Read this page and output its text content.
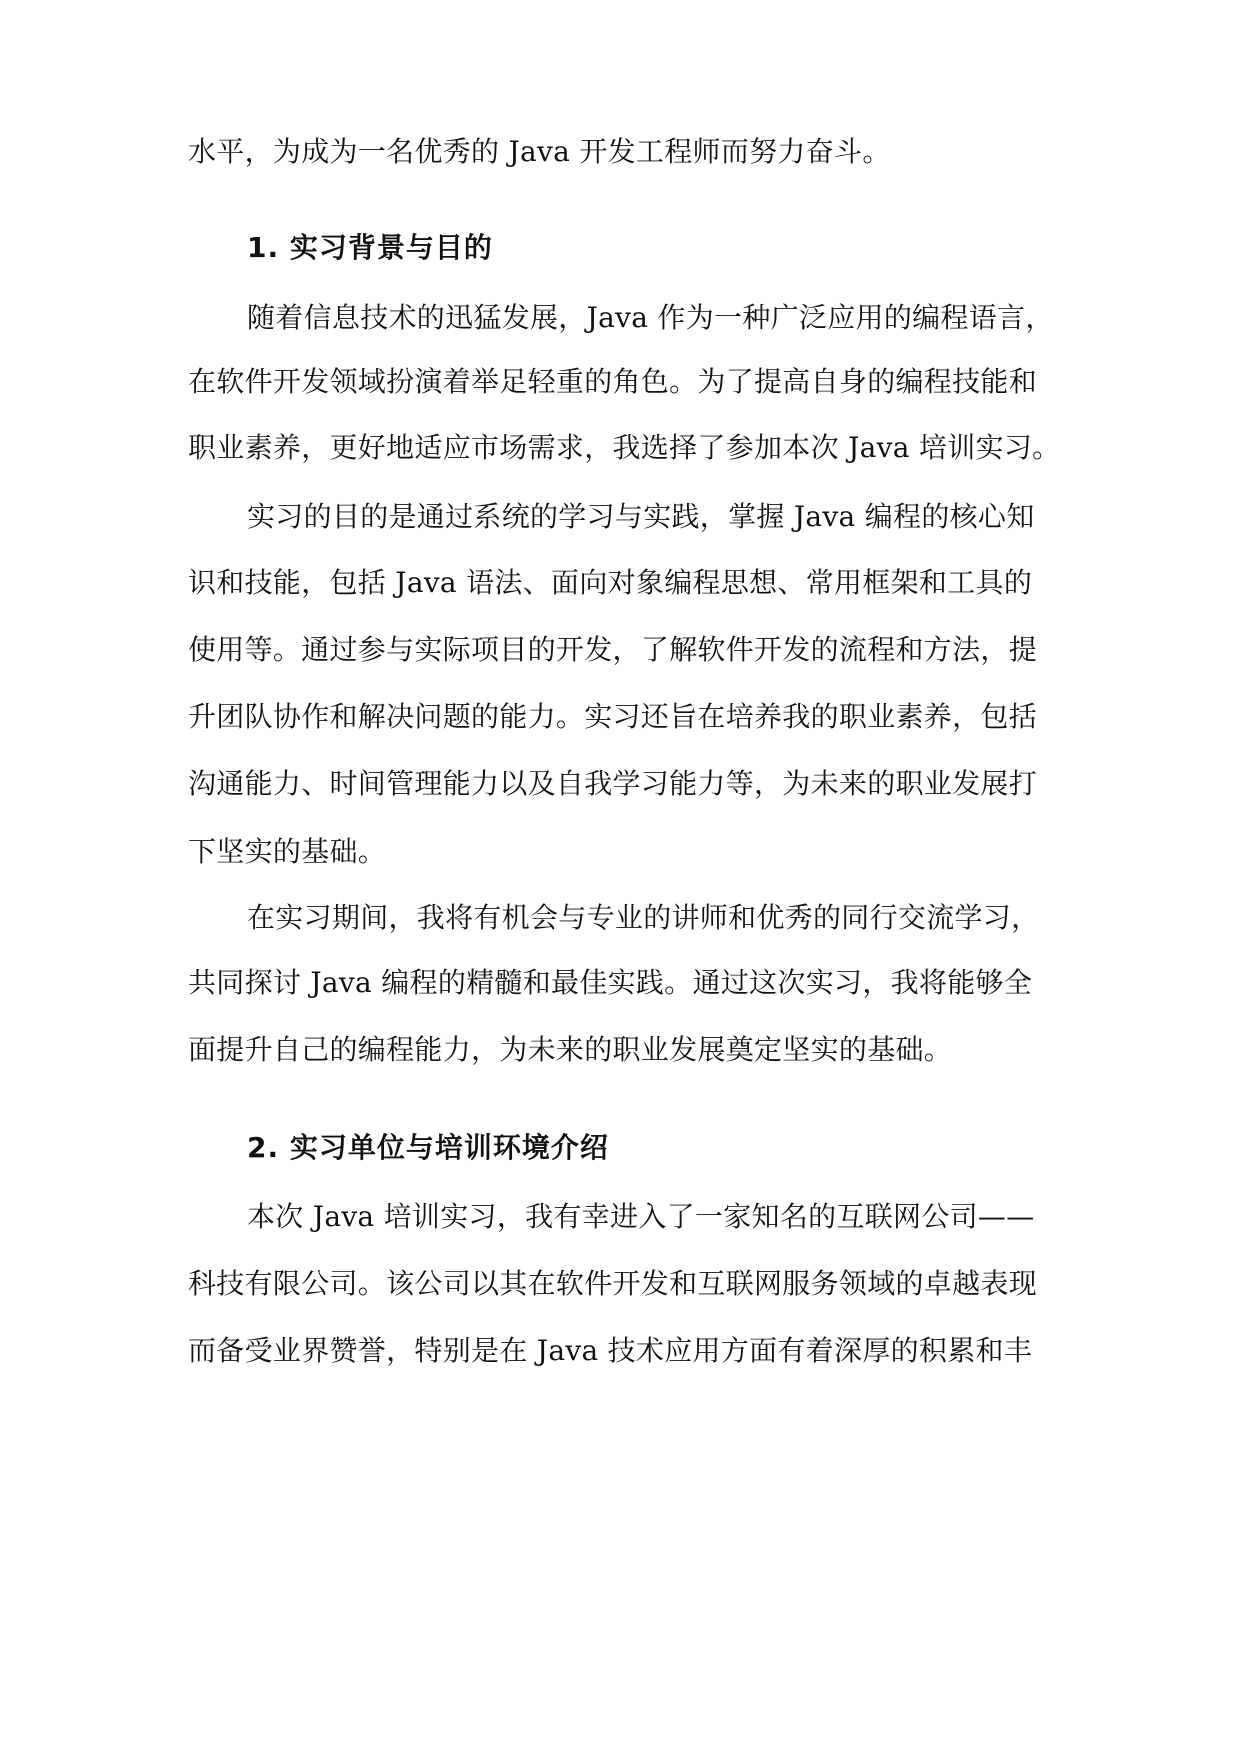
水平，为成为一名优秀的 Java 开发工程师而努力奋斗。
1. 实习背景与目的
随着信息技术的迅猛发展，Java 作为一种广泛应用的编程语言，
在软件开发领域扮演着举足轻重的角色。为了提高自身的编程技能和
职业素养，更好地适应市场需求，我选择了参加本次 Java 培训实习。
实习的目的是通过系统的学习与实践，掌握 Java 编程的核心知
识和技能，包括 Java 语法、面向对象编程思想、常用框架和工具的
使用等。通过参与实际项目的开发，了解软件开发的流程和方法，提
升团队协作和解决问题的能力。实习还旨在培养我的职业素养，包括
沟通能力、时间管理能力以及自我学习能力等，为未来的职业发展打
下坚实的基础。
在实习期间，我将有机会与专业的讲师和优秀的同行交流学习，
共同探讨 Java 编程的精髓和最佳实践。通过这次实习，我将能够全
面提升自己的编程能力，为未来的职业发展奠定坚实的基础。
2. 实习单位与培训环境介绍
本次 Java 培训实习，我有幸进入了一家知名的互联网公司——
科技有限公司。该公司以其在软件开发和互联网服务领域的卓越表现
而备受业界赞誉，特别是在 Java 技术应用方面有着深厚的积累和丰
